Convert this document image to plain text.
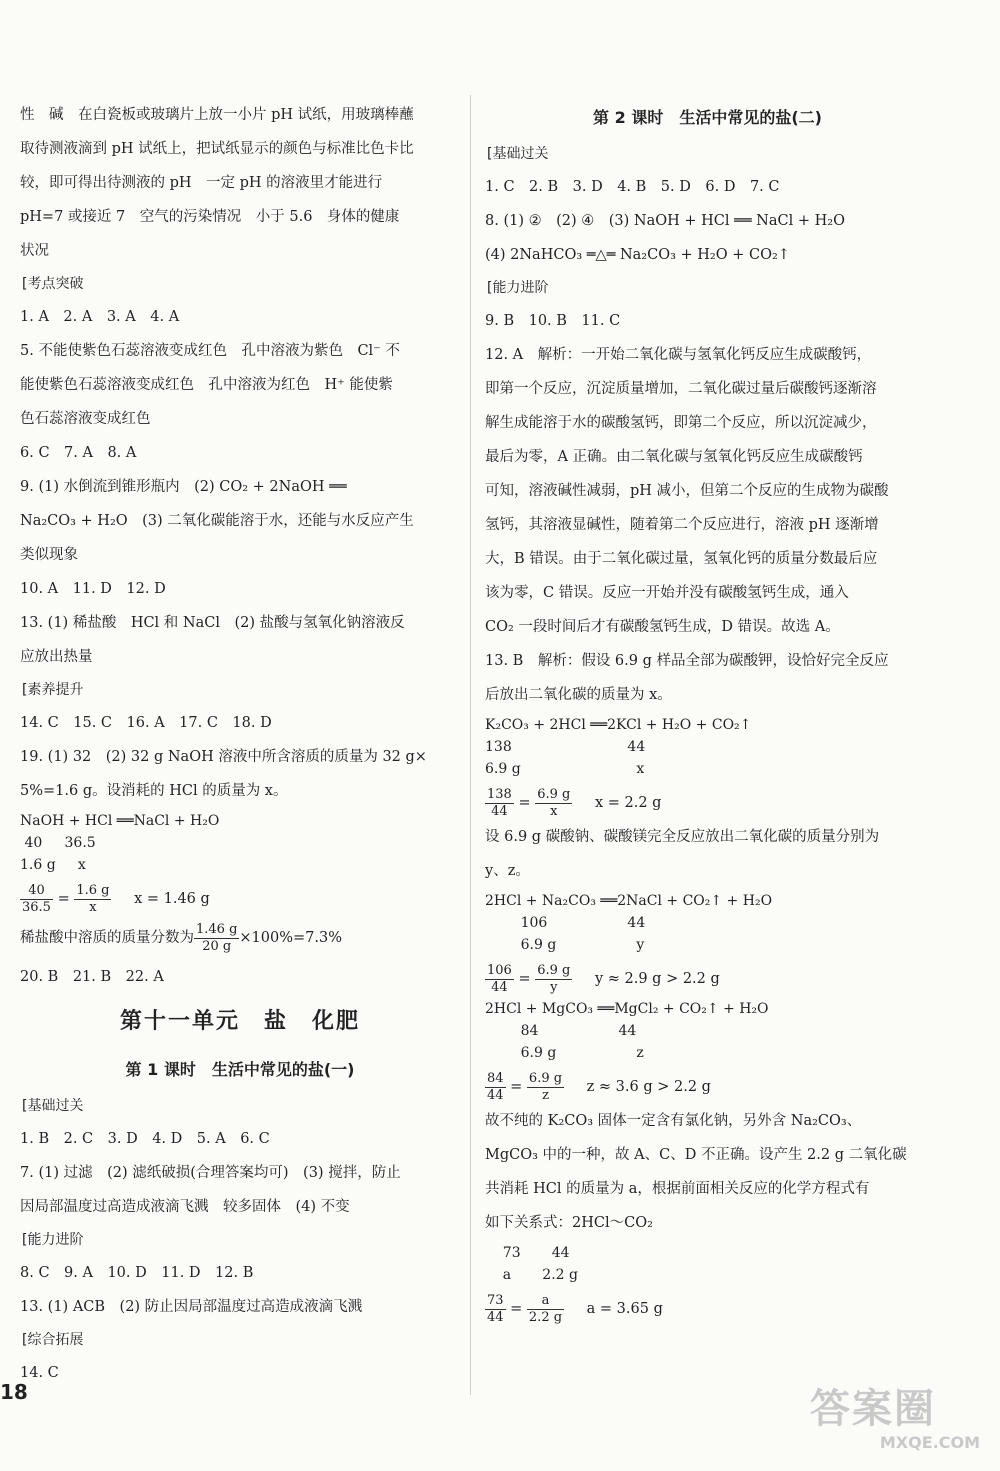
性　碱　在白瓷板或玻璃片上放一小片 pH 试纸，用玻璃棒蘸
取待测液滴到 pH 试纸上，把试纸显示的颜色与标准比色卡比
较，即可得出待测液的 pH　一定 pH 的溶液里才能进行
pH=7 或接近 7　空气的污染情况　小于 5.6　身体的健康
状况
[ 考点突破
1. A　2. A　3. A　4. A
5. 不能使紫色石蕊溶液变成红色　孔中溶液为紫色　Cl⁻ 不
能使紫色石蕊溶液变成红色　孔中溶液为红色　H⁺ 能使紫
色石蕊溶液变成红色
6. C　7. A　8. A
9. (1) 水倒流到锥形瓶内　(2) CO₂ + 2NaOH ══
Na₂CO₃ + H₂O　(3) 二氧化碳能溶于水，还能与水反应产生
类似现象
10. A　11. D　12. D
13. (1) 稀盐酸　HCl 和 NaCl　(2) 盐酸与氢氧化钠溶液反
应放出热量
[ 素养提升
14. C　15. C　16. A　17. C　18. D
19. (1) 32　(2) 32 g NaOH 溶液中所含溶质的质量为 32 g×
5%=1.6 g。设消耗的 HCl 的质量为 x。
NaOH + HCl ══NaCl + H₂O
40     36.5
1.6 g     x
$\frac{40}{36.5} = \frac{1.6 g}{x}$ x = 1.46 g
稀盐酸中溶质的质量分数为 $\frac{1.46 g}{20 g} \times 100\%=7.3\%$
20. B　21. B　22. A
第十一单元　盐　化肥
第 1 课时　生活中常见的盐(一)
[ 基础过关
1. B　2. C　3. D　4. D　5. A　6. C
7. (1) 过滤　(2) 滤纸破损(合理答案均可)　(3) 搅拌，防止
因局部温度过高造成液滴飞溅　较多固体　(4) 不变
[ 能力进阶
8. C　9. A　10. D　11. D　12. B
13. (1) ACB　(2) 防止因局部温度过高造成液滴飞溅
[ 综合拓展
14. C
18
第 2 课时　生活中常见的盐(二)
[ 基础过关
1. C　2. B　3. D　4. B　5. D　6. D　7. C
8. (1) ②　(2) ④　(3) NaOH + HCl ══ NaCl + H₂O
(4) 2NaHCO₃ ═△═ Na₂CO₃ + H₂O + CO₂↑
[ 能力进阶
9. B　10. B　11. C
12. A　解析：一开始二氧化碳与氢氧化钙反应生成碳酸钙，
即第一个反应，沉淀质量增加，二氧化碳过量后碳酸钙逐渐溶
解生成能溶于水的碳酸氢钙，即第二个反应，所以沉淀减少，
最后为零，A 正确。由二氧化碳与氢氧化钙反应生成碳酸钙
可知，溶液碱性减弱，pH 减小，但第二个反应的生成物为碳酸
氢钙，其溶液显碱性，随着第二个反应进行，溶液 pH 逐渐增
大，B 错误。由于二氧化碳过量，氢氧化钙的质量分数最后应
该为零，C 错误。反应一开始并没有碳酸氢钙生成，通入
CO₂ 一段时间后才有碳酸氢钙生成，D 错误。故选 A。
13. B　解析：假设 6.9 g 样品全部为碳酸钾，设恰好完全反应
后放出二氧化碳的质量为 x。
K₂CO₃ + 2HCl ══2KCl + H₂O + CO₂↑
138                          44
6.9 g                          x
$\frac{138}{44} = \frac{6.9 g}{x}$ x = 2.2 g
设 6.9 g 碳酸钠、碳酸镁完全反应放出二氧化碳的质量分别为
y、z。
2HCl + Na₂CO₃ ══2NaCl + CO₂↑ + H₂O
106                  44
6.9 g                  y
$\frac{106}{44} = \frac{6.9 g}{y}$ y ≈ 2.9 g > 2.2 g
2HCl + MgCO₃ ══MgCl₂ + CO₂↑ + H₂O
84                  44
6.9 g                  z
$\frac{84}{44} = \frac{6.9 g}{z}$ z ≈ 3.6 g > 2.2 g
故不纯的 K₂CO₃ 固体一定含有氯化钠，另外含 Na₂CO₃、
MgCO₃ 中的一种，故 A、C、D 不正确。设产生 2.2 g 二氧化碳
共消耗 HCl 的质量为 a，根据前面相关反应的化学方程式有
如下关系式：2HCl～CO₂
73       44
a       2.2 g
$\frac{73}{44} = \frac{a}{2.2 g}$ a = 3.65 g
答案圈
MXQE.COM
